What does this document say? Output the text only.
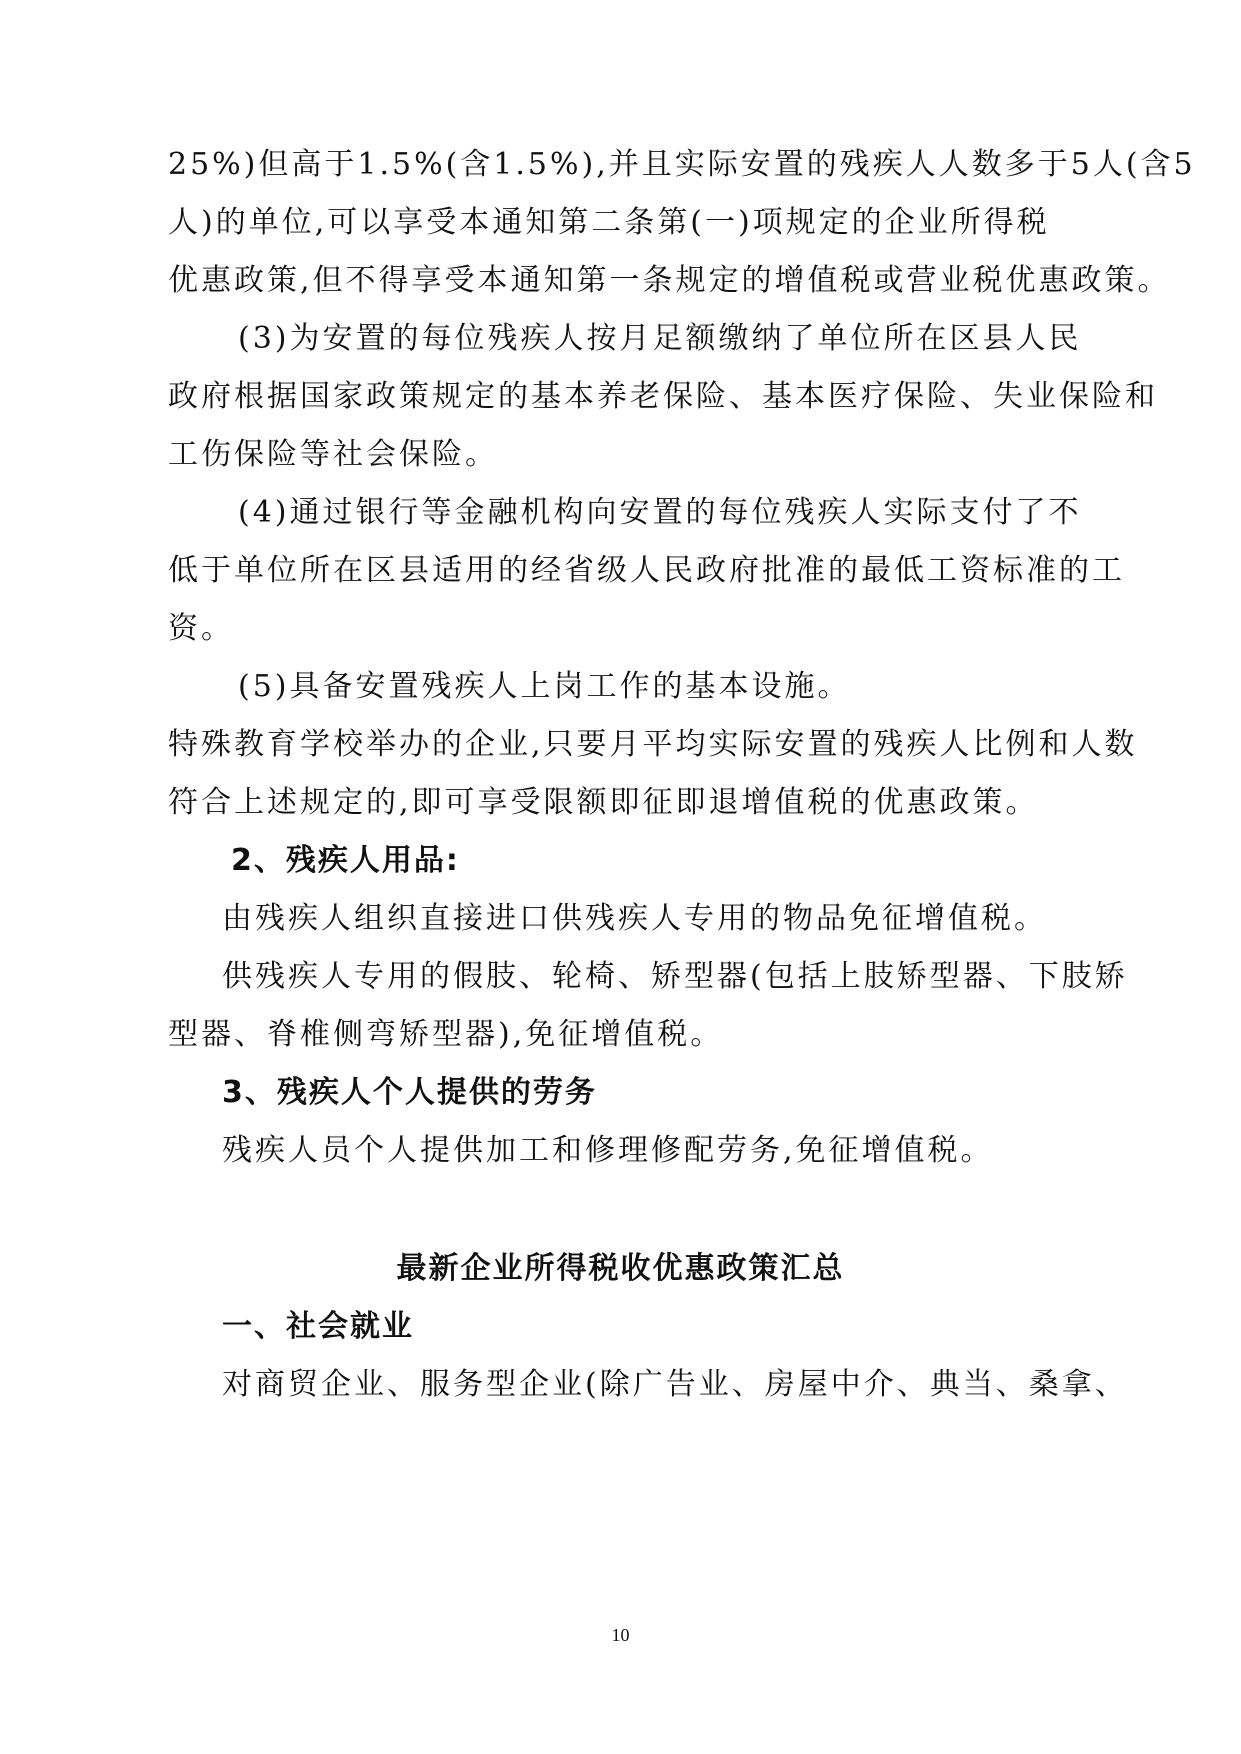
25%)但高于1.5%(含1.5%),并且实际安置的残疾人人数多于5人(含5
人)的单位,可以享受本通知第二条第(一)项规定的企业所得税
优惠政策,但不得享受本通知第一条规定的增值税或营业税优惠政策。
(3)为安置的每位残疾人按月足额缴纳了单位所在区县人民
政府根据国家政策规定的基本养老保险、基本医疗保险、失业保险和
工伤保险等社会保险。
(4)通过银行等金融机构向安置的每位残疾人实际支付了不
低于单位所在区县适用的经省级人民政府批准的最低工资标准的工
资。
(5)具备安置残疾人上岗工作的基本设施。
特殊教育学校举办的企业,只要月平均实际安置的残疾人比例和人数
符合上述规定的,即可享受限额即征即退增值税的优惠政策。
2、残疾人用品:
由残疾人组织直接进口供残疾人专用的物品免征增值税。
供残疾人专用的假肢、轮椅、矫型器(包括上肢矫型器、下肢矫
型器、脊椎侧弯矫型器),免征增值税。
3、残疾人个人提供的劳务
残疾人员个人提供加工和修理修配劳务,免征增值税。
最新企业所得税收优惠政策汇总
一、社会就业
对商贸企业、服务型企业(除广告业、房屋中介、典当、桑拿、
10
